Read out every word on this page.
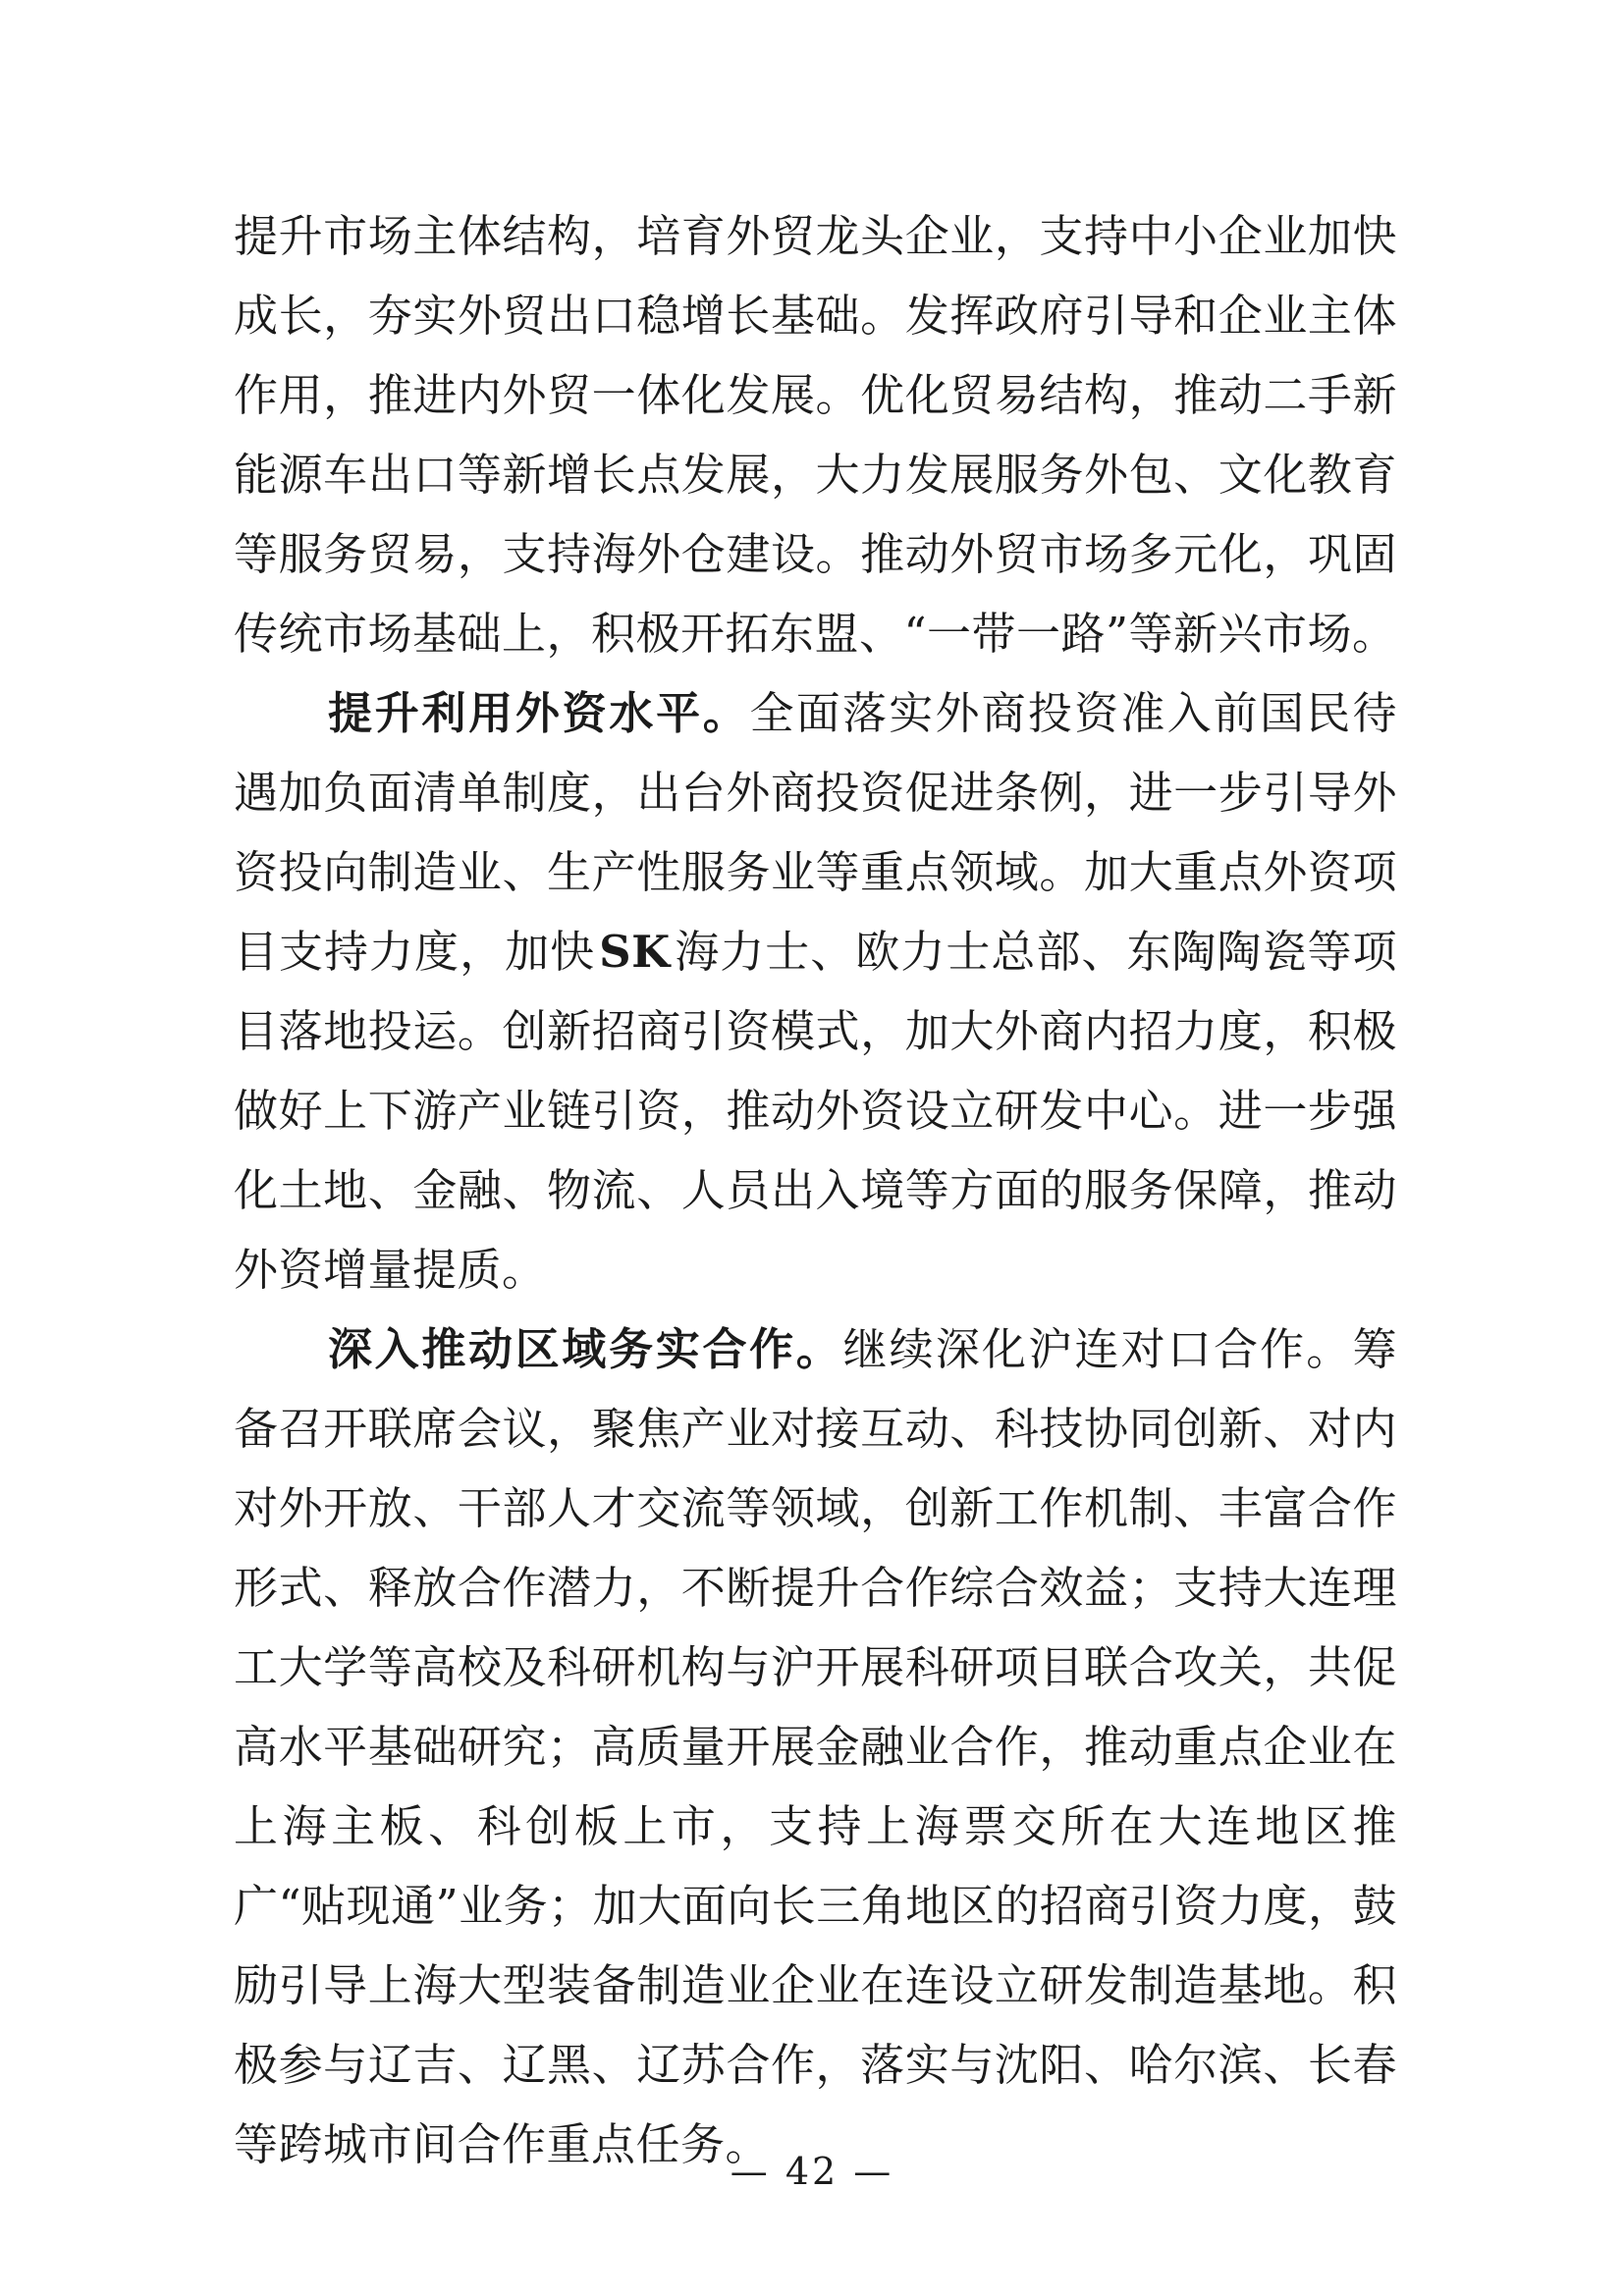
提升市场主体结构，培育外贸龙头企业，支持中小企业加快成长，夯实外贸出口稳增长基础。发挥政府引导和企业主体作用，推进内外贸一体化发展。优化贸易结构，推动二手新能源车出口等新增长点发展，大力发展服务外包、文化教育等服务贸易，支持海外仓建设。推动外贸市场多元化，巩固传统市场基础上，积极开拓东盟、“一带一路”等新兴市场。

提升利用外资水平。全面落实外商投资准入前国民待遇加负面清单制度，出台外商投资促进条例，进一步引导外资投向制造业、生产性服务业等重点领域。加大重点外资项目支持力度，加快SK海力士、欧力士总部、东陶陶瓷等项目落地投运。创新招商引资模式，加大外商内招力度，积极做好上下游产业链引资，推动外资设立研发中心。进一步强化土地、金融、物流、人员出入境等方面的服务保障，推动外资增量提质。

深入推动区域务实合作。继续深化沪连对口合作。筹备召开联席会议，聚焦产业对接互动、科技协同创新、对内对外开放、干部人才交流等领域，创新工作机制、丰富合作形式、释放合作潜力，不断提升合作综合效益；支持大连理工大学等高校及科研机构与沪开展科研项目联合攻关，共促高水平基础研究；高质量开展金融业合作，推动重点企业在上海主板、科创板上市，支持上海票交所在大连地区推广“贴现通”业务；加大面向长三角地区的招商引资力度，鼓励引导上海大型装备制造业企业在连设立研发制造基地。积极参与辽吉、辽黑、辽苏合作，落实与沈阳、哈尔滨、长春等跨城市间合作重点任务。

— 42 —
